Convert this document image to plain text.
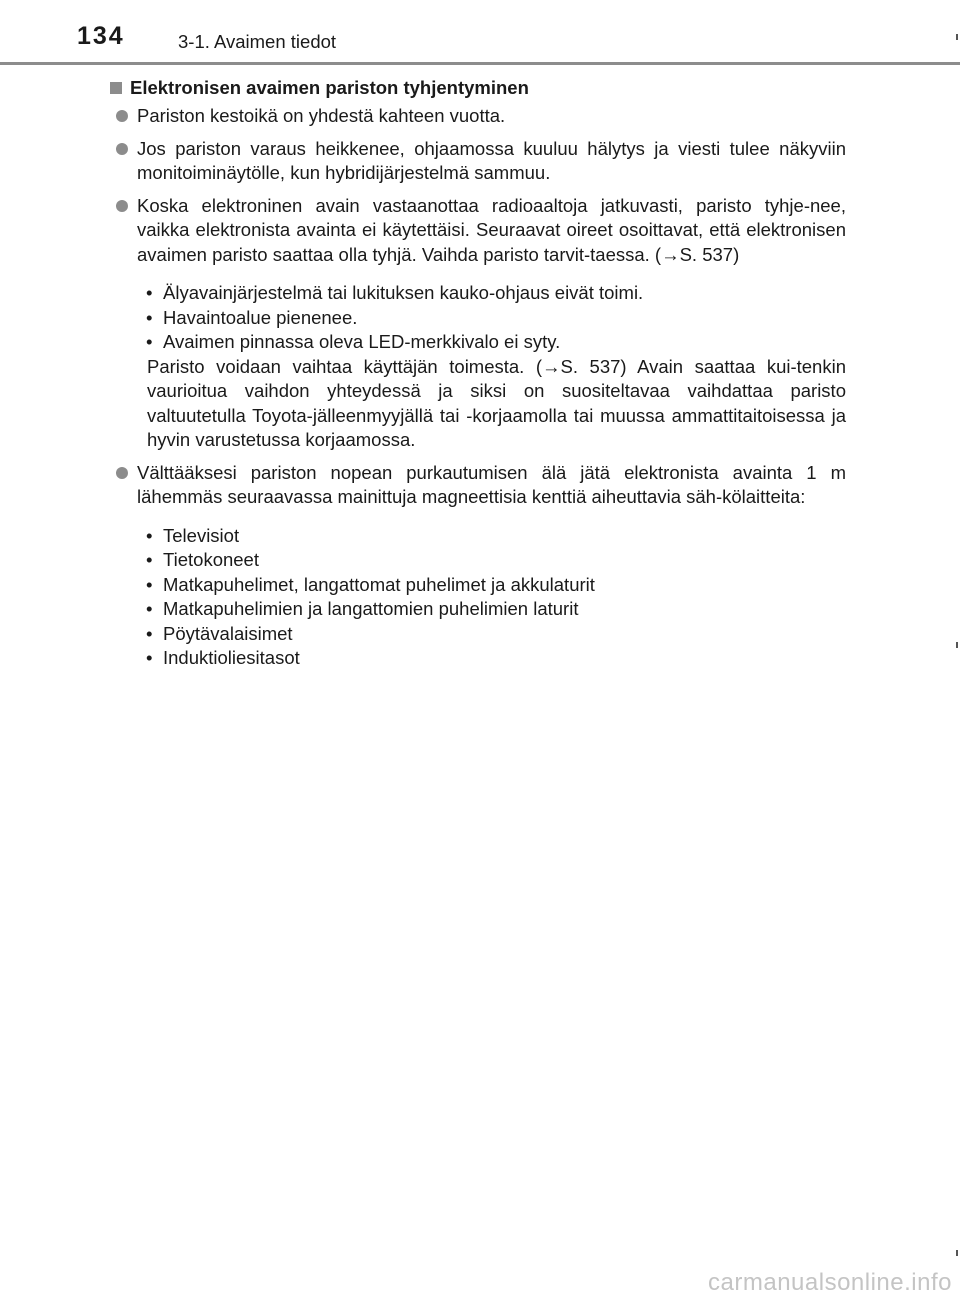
134	3-1. Avaimen tiedot
Elektronisen avaimen pariston tyhjentyminen
Pariston kestoikä on yhdestä kahteen vuotta.
Jos pariston varaus heikkenee, ohjaamossa kuuluu hälytys ja viesti tulee näkyviin monitoiminäytölle, kun hybridijärjestelmä sammuu.
Koska elektroninen avain vastaanottaa radioaaltoja jatkuvasti, paristo tyhje-nee, vaikka elektronista avainta ei käytettäisi. Seuraavat oireet osoittavat, että elektronisen avaimen paristo saattaa olla tyhjä. Vaihda paristo tarvit-taessa. (→S. 537)
• Älyavainjärjestelmä tai lukituksen kauko-ohjaus eivät toimi.
• Havaintoalue pienenee.
• Avaimen pinnassa oleva LED-merkkivalo ei syty.
Paristo voidaan vaihtaa käyttäjän toimesta. (→S. 537) Avain saattaa kui-tenkin vaurioitua vaihdon yhteydessä ja siksi on suositeltavaa vaihdattaa paristo valtuutetulla Toyota-jälleenmyyjällä tai -korjaamolla tai muussa ammattitaitoisessa ja hyvin varustetussa korjaamossa.
Välttääksesi pariston nopean purkautumisen älä jätä elektronista avainta 1 m lähemmäs seuraavassa mainittuja magneettisia kenttiä aiheuttavia säh-kölaitteita:
• Televisiot
• Tietokoneet
• Matkapuhelimet, langattomat puhelimet ja akkulaturit
• Matkapuhelimien ja langattomien puhelimien laturit
• Pöytävalaisimet
• Induktioliesitasot
carmanualsonline.info
